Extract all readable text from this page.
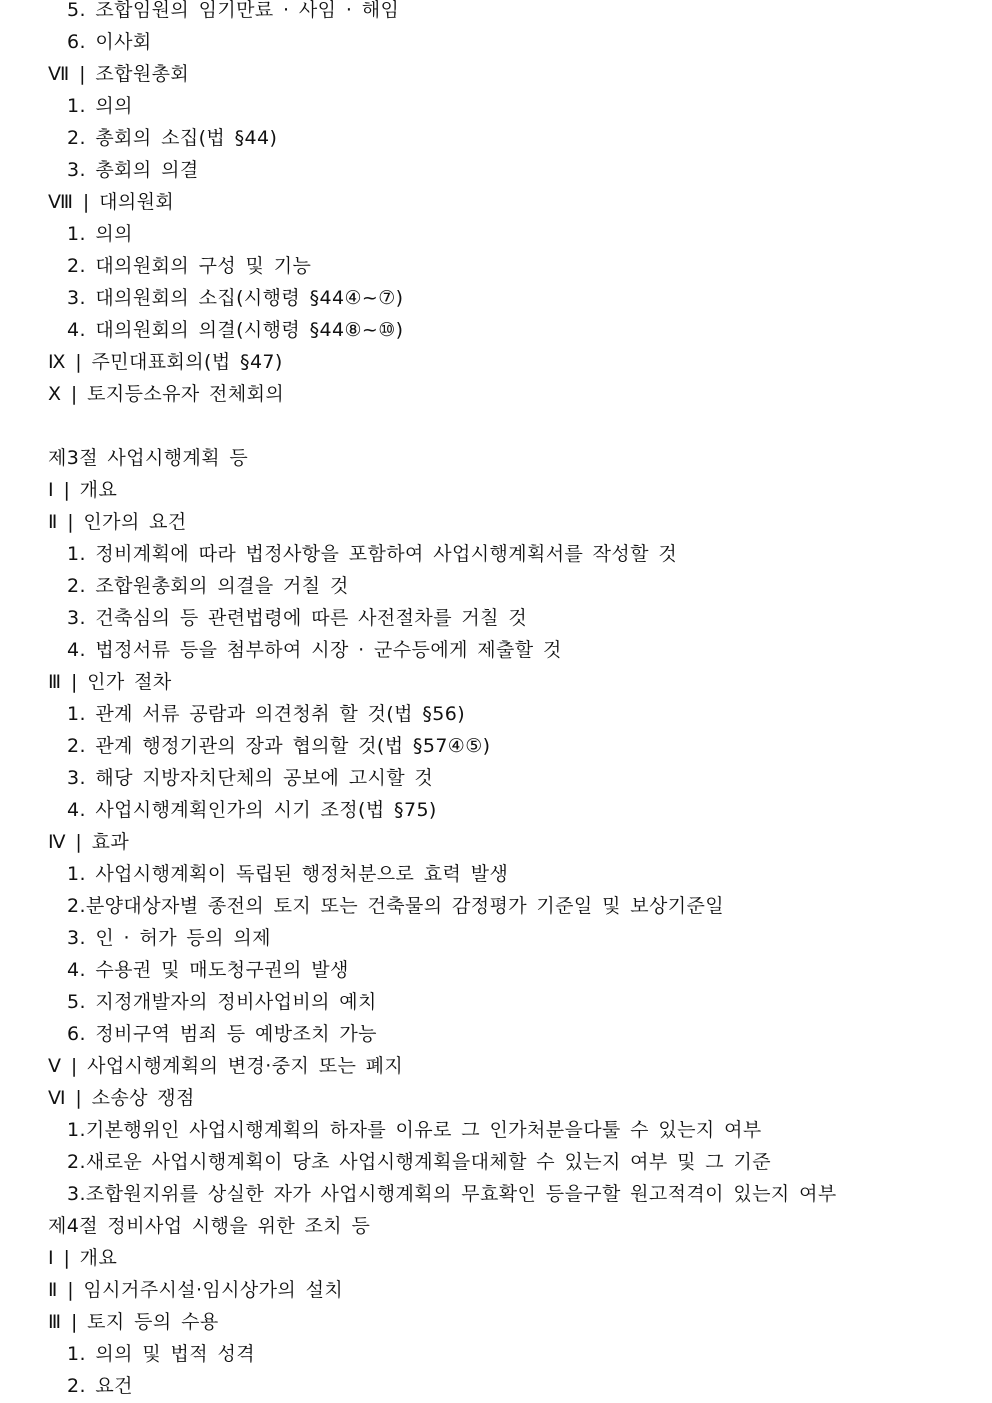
5. 조합임원의 임기만료 · 사임 · 해임
6. 이사회
Ⅶ | 조합원총회
1. 의의
2. 총회의 소집(법 §44)
3. 총회의 의결
Ⅷ | 대의원회
1. 의의
2. 대의원회의 구성 및 기능
3. 대의원회의 소집(시행령 §44④~⑦)
4. 대의원회의 의결(시행령 §44⑧~⑩)
Ⅸ | 주민대표회의(법 §47)
Ⅹ | 토지등소유자 전체회의
제3절 사업시행계획 등
Ⅰ | 개요
Ⅱ | 인가의 요건
1. 정비계획에 따라 법정사항을 포함하여 사업시행계획서를 작성할 것
2. 조합원총회의 의결을 거칠 것
3. 건축심의 등 관련법령에 따른 사전절차를 거칠 것
4. 법정서류 등을 첨부하여 시장 · 군수등에게 제출할 것
Ⅲ | 인가 절차
1. 관계 서류 공람과 의견청취 할 것(법 §56)
2. 관계 행정기관의 장과 협의할 것(법 §57④⑤)
3. 해당 지방자치단체의 공보에 고시할 것
4. 사업시행계획인가의 시기 조정(법 §75)
Ⅳ | 효과
1. 사업시행계획이 독립된 행정처분으로 효력 발생
2.분양대상자별 종전의 토지 또는 건축물의 감정평가 기준일 및 보상기준일
3. 인 · 허가 등의 의제
4. 수용권 및 매도청구권의 발생
5. 지정개발자의 정비사업비의 예치
6. 정비구역 범죄 등 예방조치 가능
Ⅴ | 사업시행계획의 변경·중지 또는 폐지
Ⅵ | 소송상 쟁점
1.기본행위인 사업시행계획의 하자를 이유로 그 인가처분을다툴 수 있는지 여부
2.새로운 사업시행계획이 당초 사업시행계획을대체할 수 있는지 여부 및 그 기준
3.조합원지위를 상실한 자가 사업시행계획의 무효확인 등을구할 원고적격이 있는지 여부
제4절 정비사업 시행을 위한 조치 등
Ⅰ | 개요
Ⅱ | 임시거주시설·임시상가의 설치
Ⅲ | 토지 등의 수용
1. 의의 및 법적 성격
2. 요건
